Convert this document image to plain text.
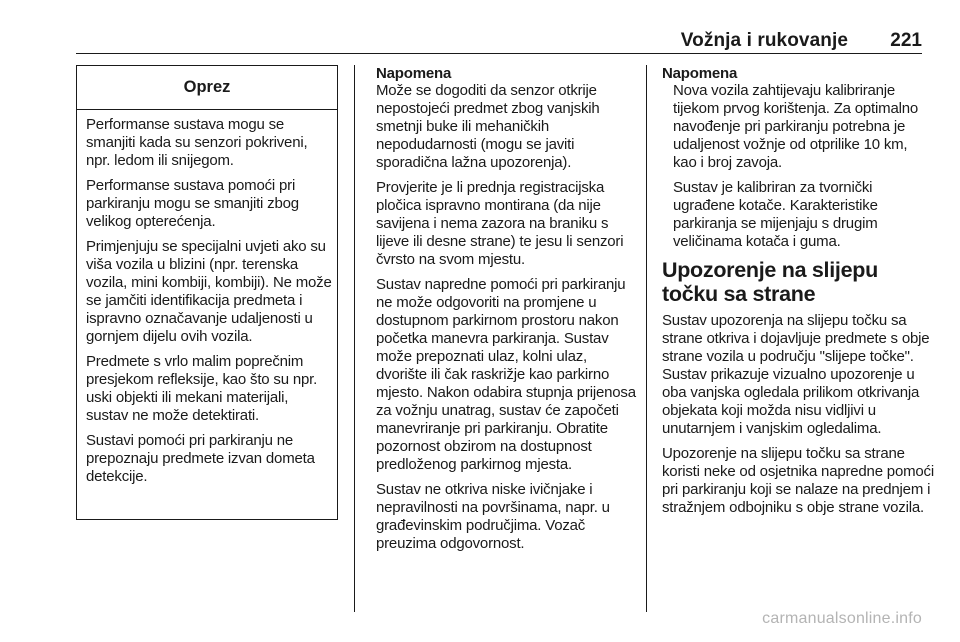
Vožnja i rukovanje 221
Oprez

Performanse sustava mogu se smanjiti kada su senzori pokriveni, npr. ledom ili snijegom.

Performanse sustava pomoći pri parkiranju mogu se smanjiti zbog velikog opterećenja.

Primjenjuju se specijalni uvjeti ako su viša vozila u blizini (npr. terenska vozila, mini kombiji, kombiji). Ne može se jamčiti identifikacija predmeta i ispravno označavanje udaljenosti u gornjem dijelu ovih vozila.

Predmete s vrlo malim poprečnim presjekom refleksije, kao što su npr. uski objekti ili mekani materijali, sustav ne može detektirati.

Sustavi pomoći pri parkiranju ne prepoznaju predmete izvan dometa detekcije.

Napomena

Može se dogoditi da senzor otkrije nepostojeći predmet zbog vanjskih smetnji buke ili mehaničkih nepodudarnosti (mogu se javiti sporadična lažna upozorenja).

Provjerite je li prednja registracijska pločica ispravno montirana (da nije savijena i nema zazora na braniku s lijeve ili desne strane) te jesu li senzori čvrsto na svom mjestu.

Sustav napredne pomoći pri parkiranju ne može odgovoriti na promjene u dostupnom parkirnom prostoru nakon početka manevra parkiranja. Sustav može prepoznati ulaz, kolni ulaz, dvorište ili čak raskrižje kao parkirno mjesto. Nakon odabira stupnja prijenosa za vožnju unatrag, sustav će započeti manevriranje pri parkiranju. Obratite pozornost obzirom na dostupnost predloženog parkirnog mjesta.

Sustav ne otkriva niske ivičnjake i nepravilnosti na površinama, napr. u građevinskim područjima. Vozač preuzima odgovornost.

Napomena

Nova vozila zahtijevaju kalibriranje tijekom prvog korištenja. Za optimalno navođenje pri parkiranju potrebna je udaljenost vožnje od otprilike 10 km, kao i broj zavoja.

Sustav je kalibriran za tvornički ugrađene kotače. Karakteristike parkiranja se mijenjaju s drugim veličinama kotača i guma.

Upozorenje na slijepu točku sa strane

Sustav upozorenja na slijepu točku sa strane otkriva i dojavljuje predmete s obje strane vozila u području "slijepe točke". Sustav prikazuje vizualno upozorenje u oba vanjska ogledala prilikom otkrivanja objekata koji možda nisu vidljivi u unutarnjem i vanjskim ogledalima.

Upozorenje na slijepu točku sa strane koristi neke od osjetnika napredne pomoći pri parkiranju koji se nalaze na prednjem i stražnjem odbojniku s obje strane vozila.

carmanualsonline.info
